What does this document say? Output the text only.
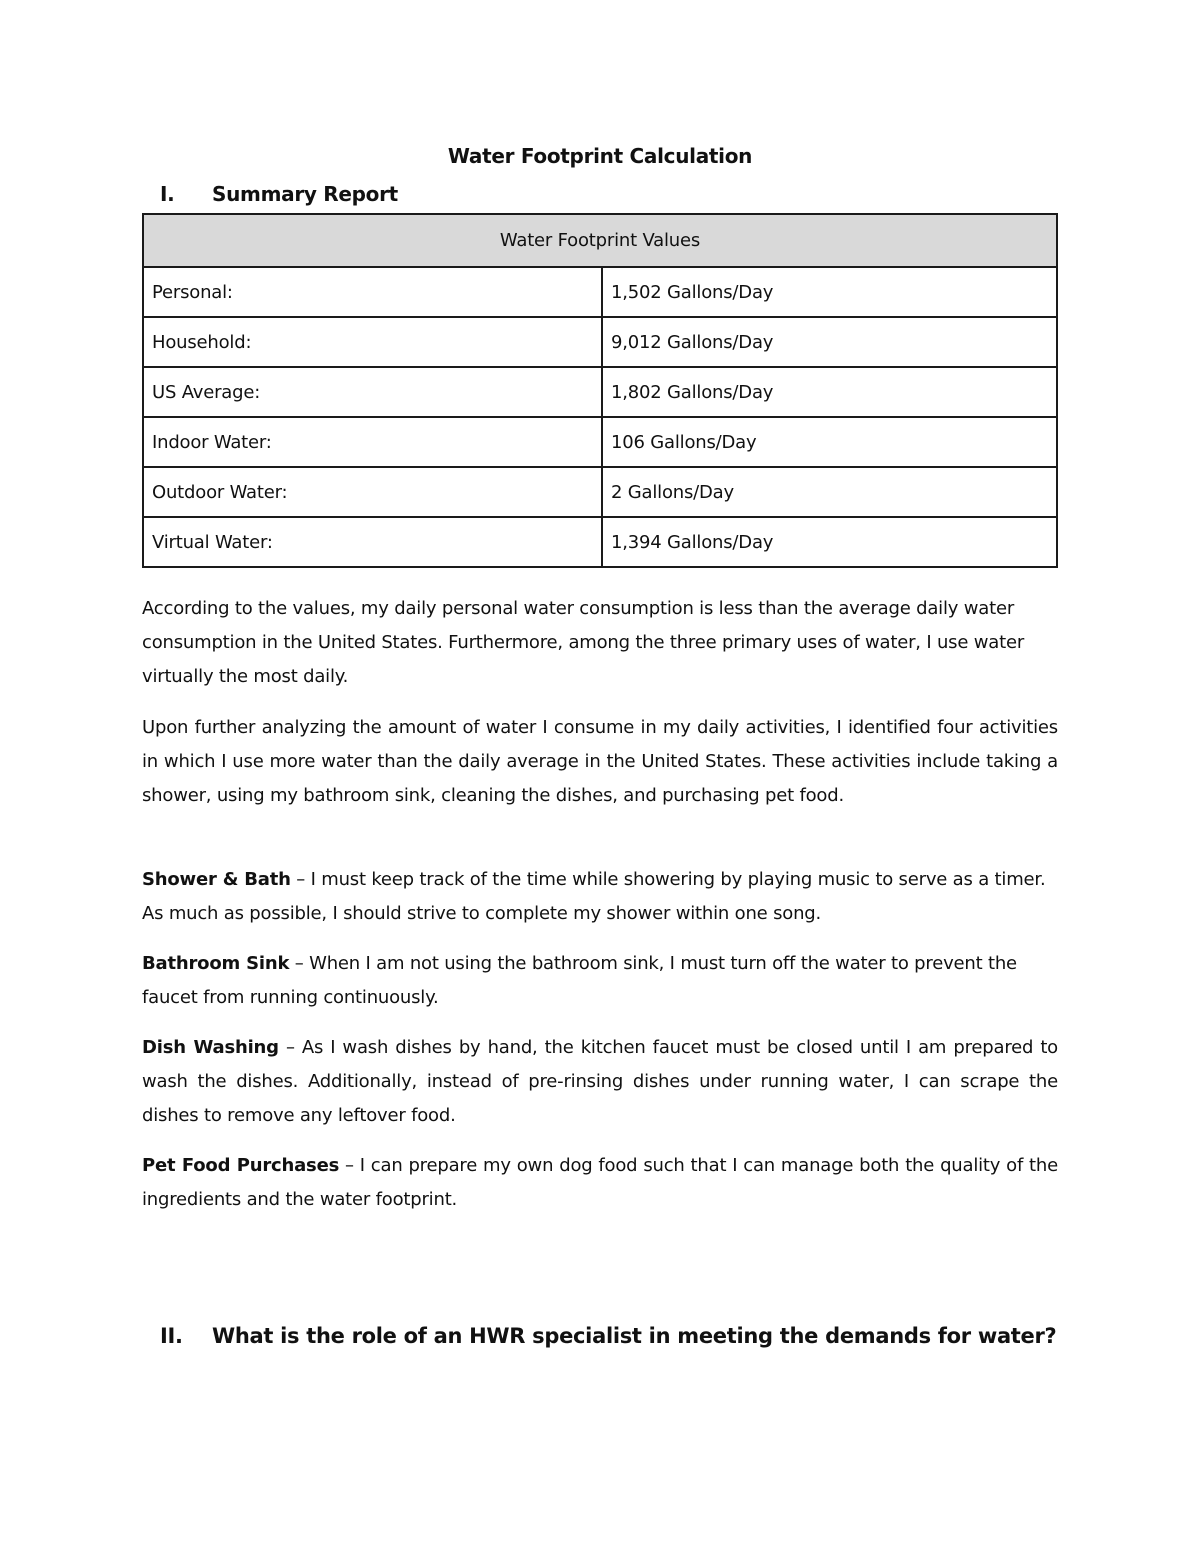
Water Footprint Calculation
I. Summary Report
Water Footprint Values	
Personal:	1,502 Gallons/Day
Household:	9,012 Gallons/Day
US Average:	1,802 Gallons/Day
Indoor Water:	106 Gallons/Day
Outdoor Water:	2 Gallons/Day
Virtual Water:	1,394 Gallons/Day

According to the values, my daily personal water consumption is less than the average daily water consumption in the United States. Furthermore, among the three primary uses of water, I use water virtually the most daily.

Upon further analyzing the amount of water I consume in my daily activities, I identified four activities in which I use more water than the daily average in the United States. These activities include taking a shower, using my bathroom sink, cleaning the dishes, and purchasing pet food.

Shower & Bath – I must keep track of the time while showering by playing music to serve as a timer. As much as possible, I should strive to complete my shower within one song.

Bathroom Sink – When I am not using the bathroom sink, I must turn off the water to prevent the faucet from running continuously.

Dish Washing – As I wash dishes by hand, the kitchen faucet must be closed until I am prepared to wash the dishes. Additionally, instead of pre-rinsing dishes under running water, I can scrape the dishes to remove any leftover food.

Pet Food Purchases – I can prepare my own dog food such that I can manage both the quality of the ingredients and the water footprint.

II. What is the role of an HWR specialist in meeting the demands for water?
